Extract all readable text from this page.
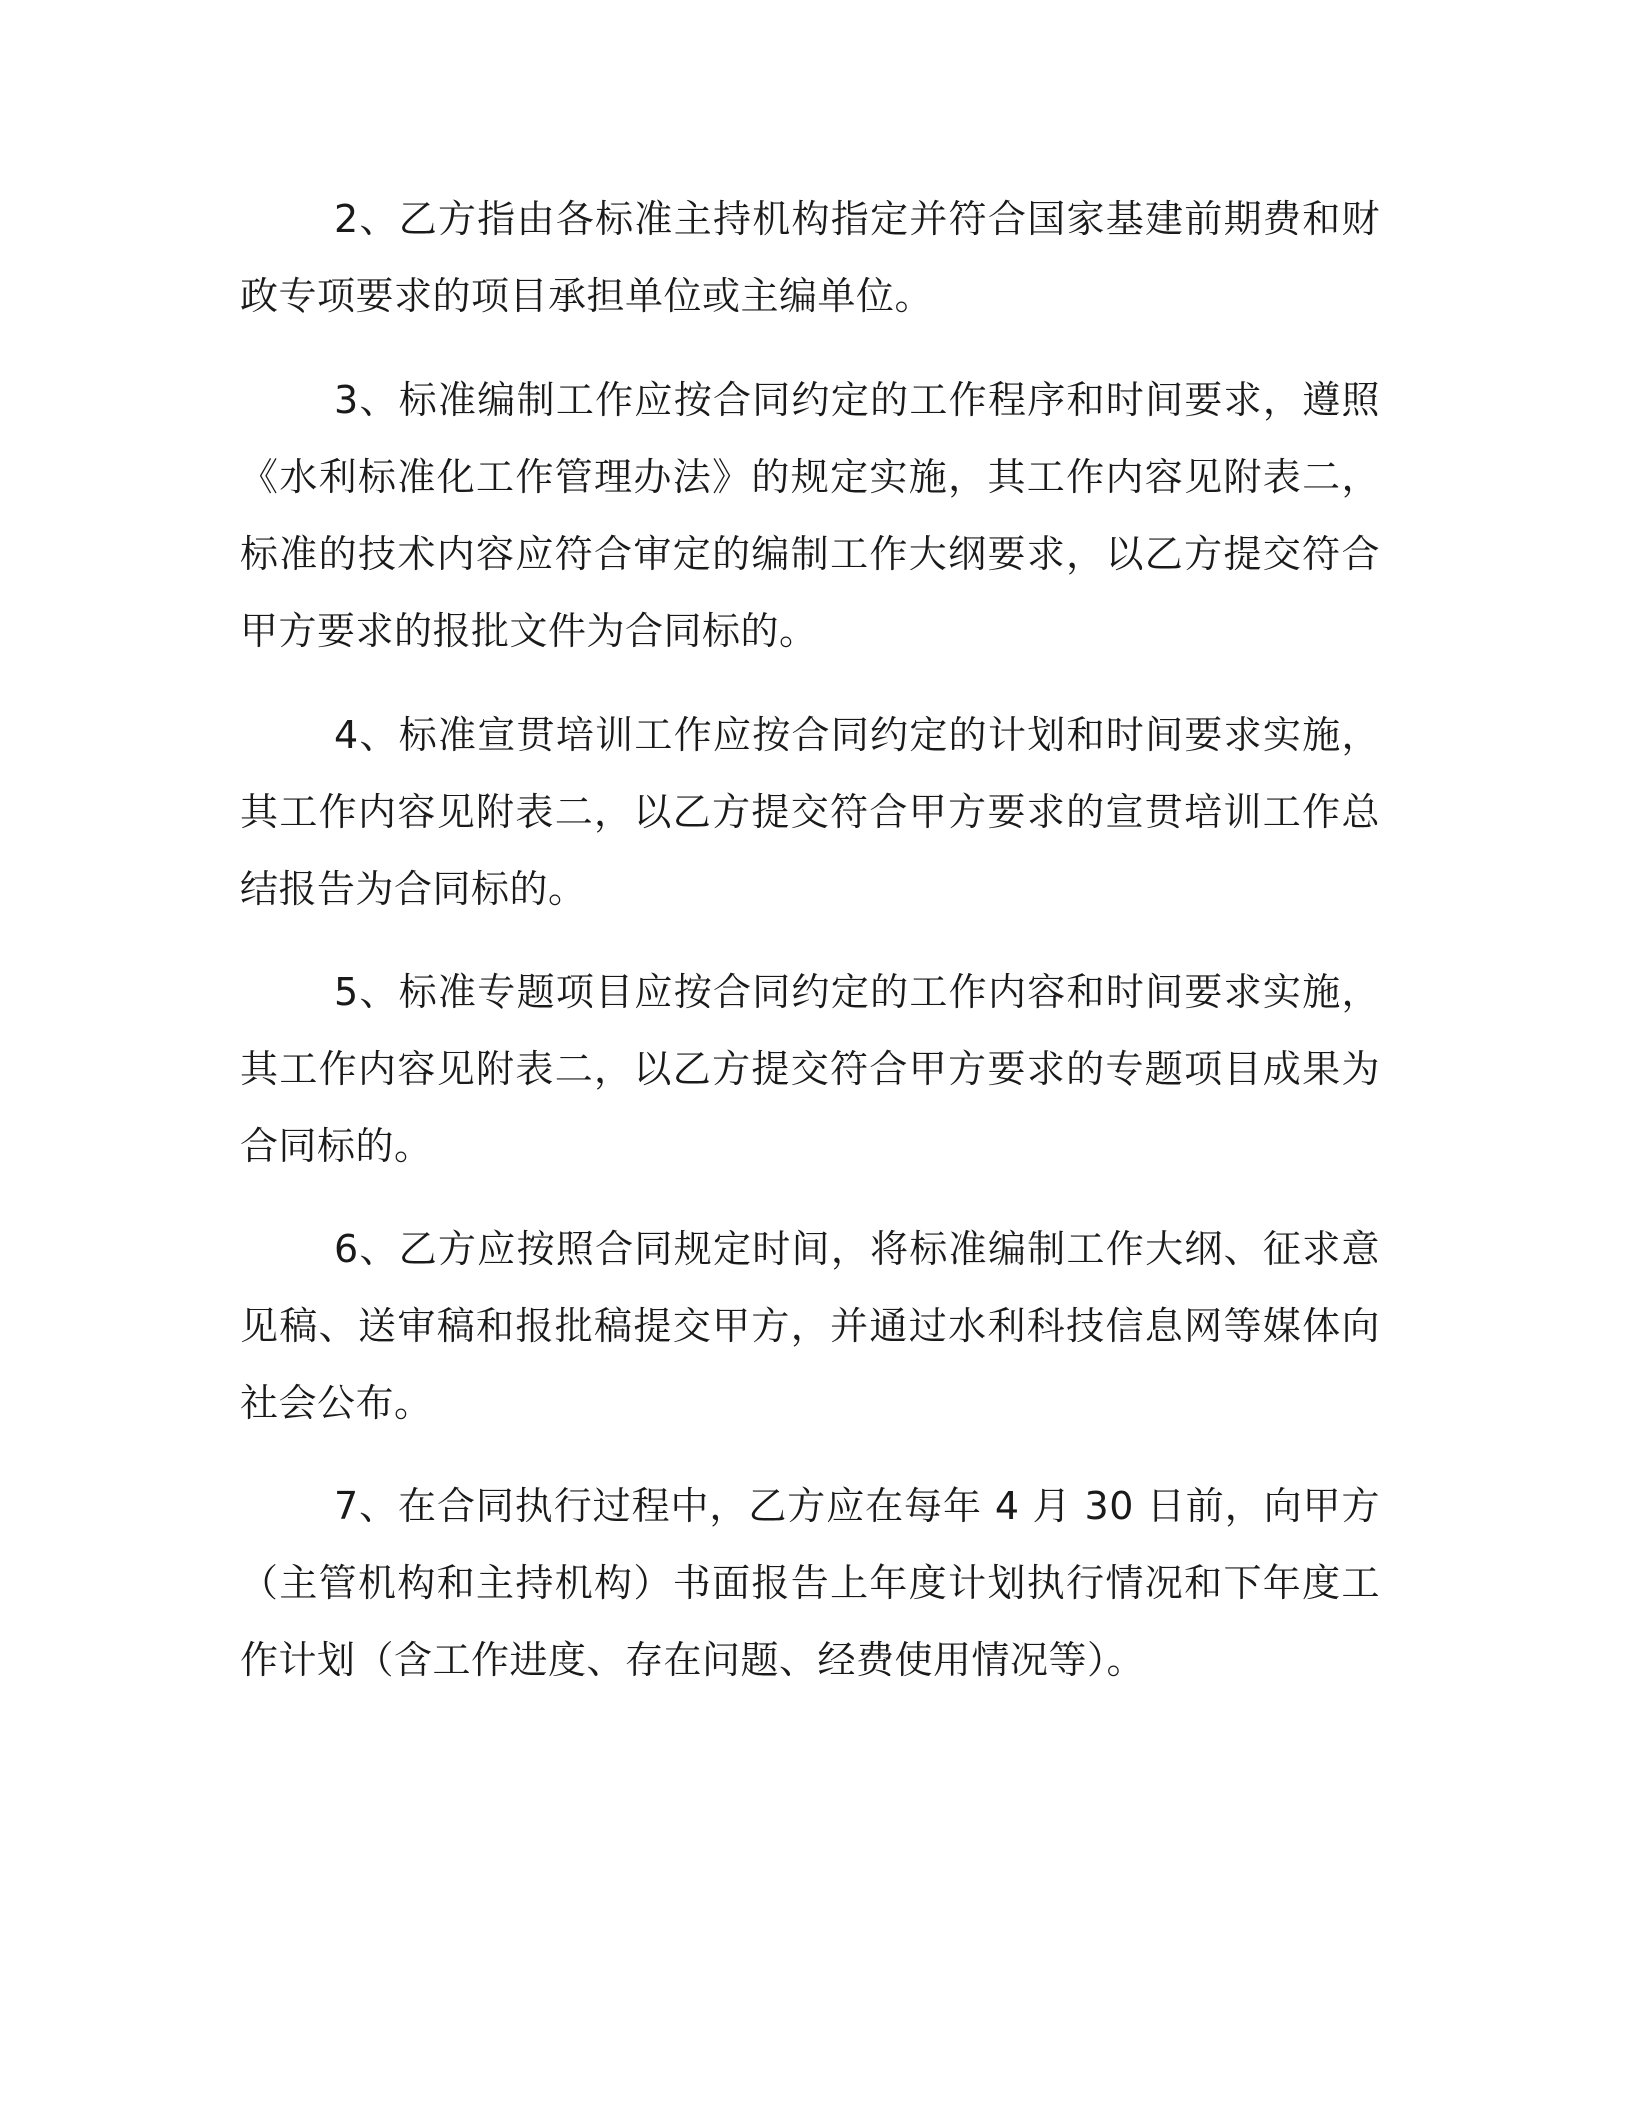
2、乙方指由各标准主持机构指定并符合国家基建前期费和财政专项要求的项目承担单位或主编单位。

3、标准编制工作应按合同约定的工作程序和时间要求，遵照《水利标准化工作管理办法》的规定实施，其工作内容见附表二，标准的技术内容应符合审定的编制工作大纲要求，以乙方提交符合甲方要求的报批文件为合同标的。

4、标准宣贯培训工作应按合同约定的计划和时间要求实施，其工作内容见附表二，以乙方提交符合甲方要求的宣贯培训工作总结报告为合同标的。

5、标准专题项目应按合同约定的工作内容和时间要求实施，其工作内容见附表二，以乙方提交符合甲方要求的专题项目成果为合同标的。

6、乙方应按照合同规定时间，将标准编制工作大纲、征求意见稿、送审稿和报批稿提交甲方，并通过水利科技信息网等媒体向社会公布。

7、在合同执行过程中，乙方应在每年 4 月 30 日前，向甲方（主管机构和主持机构）书面报告上年度计划执行情况和下年度工作计划（含工作进度、存在问题、经费使用情况等）。
